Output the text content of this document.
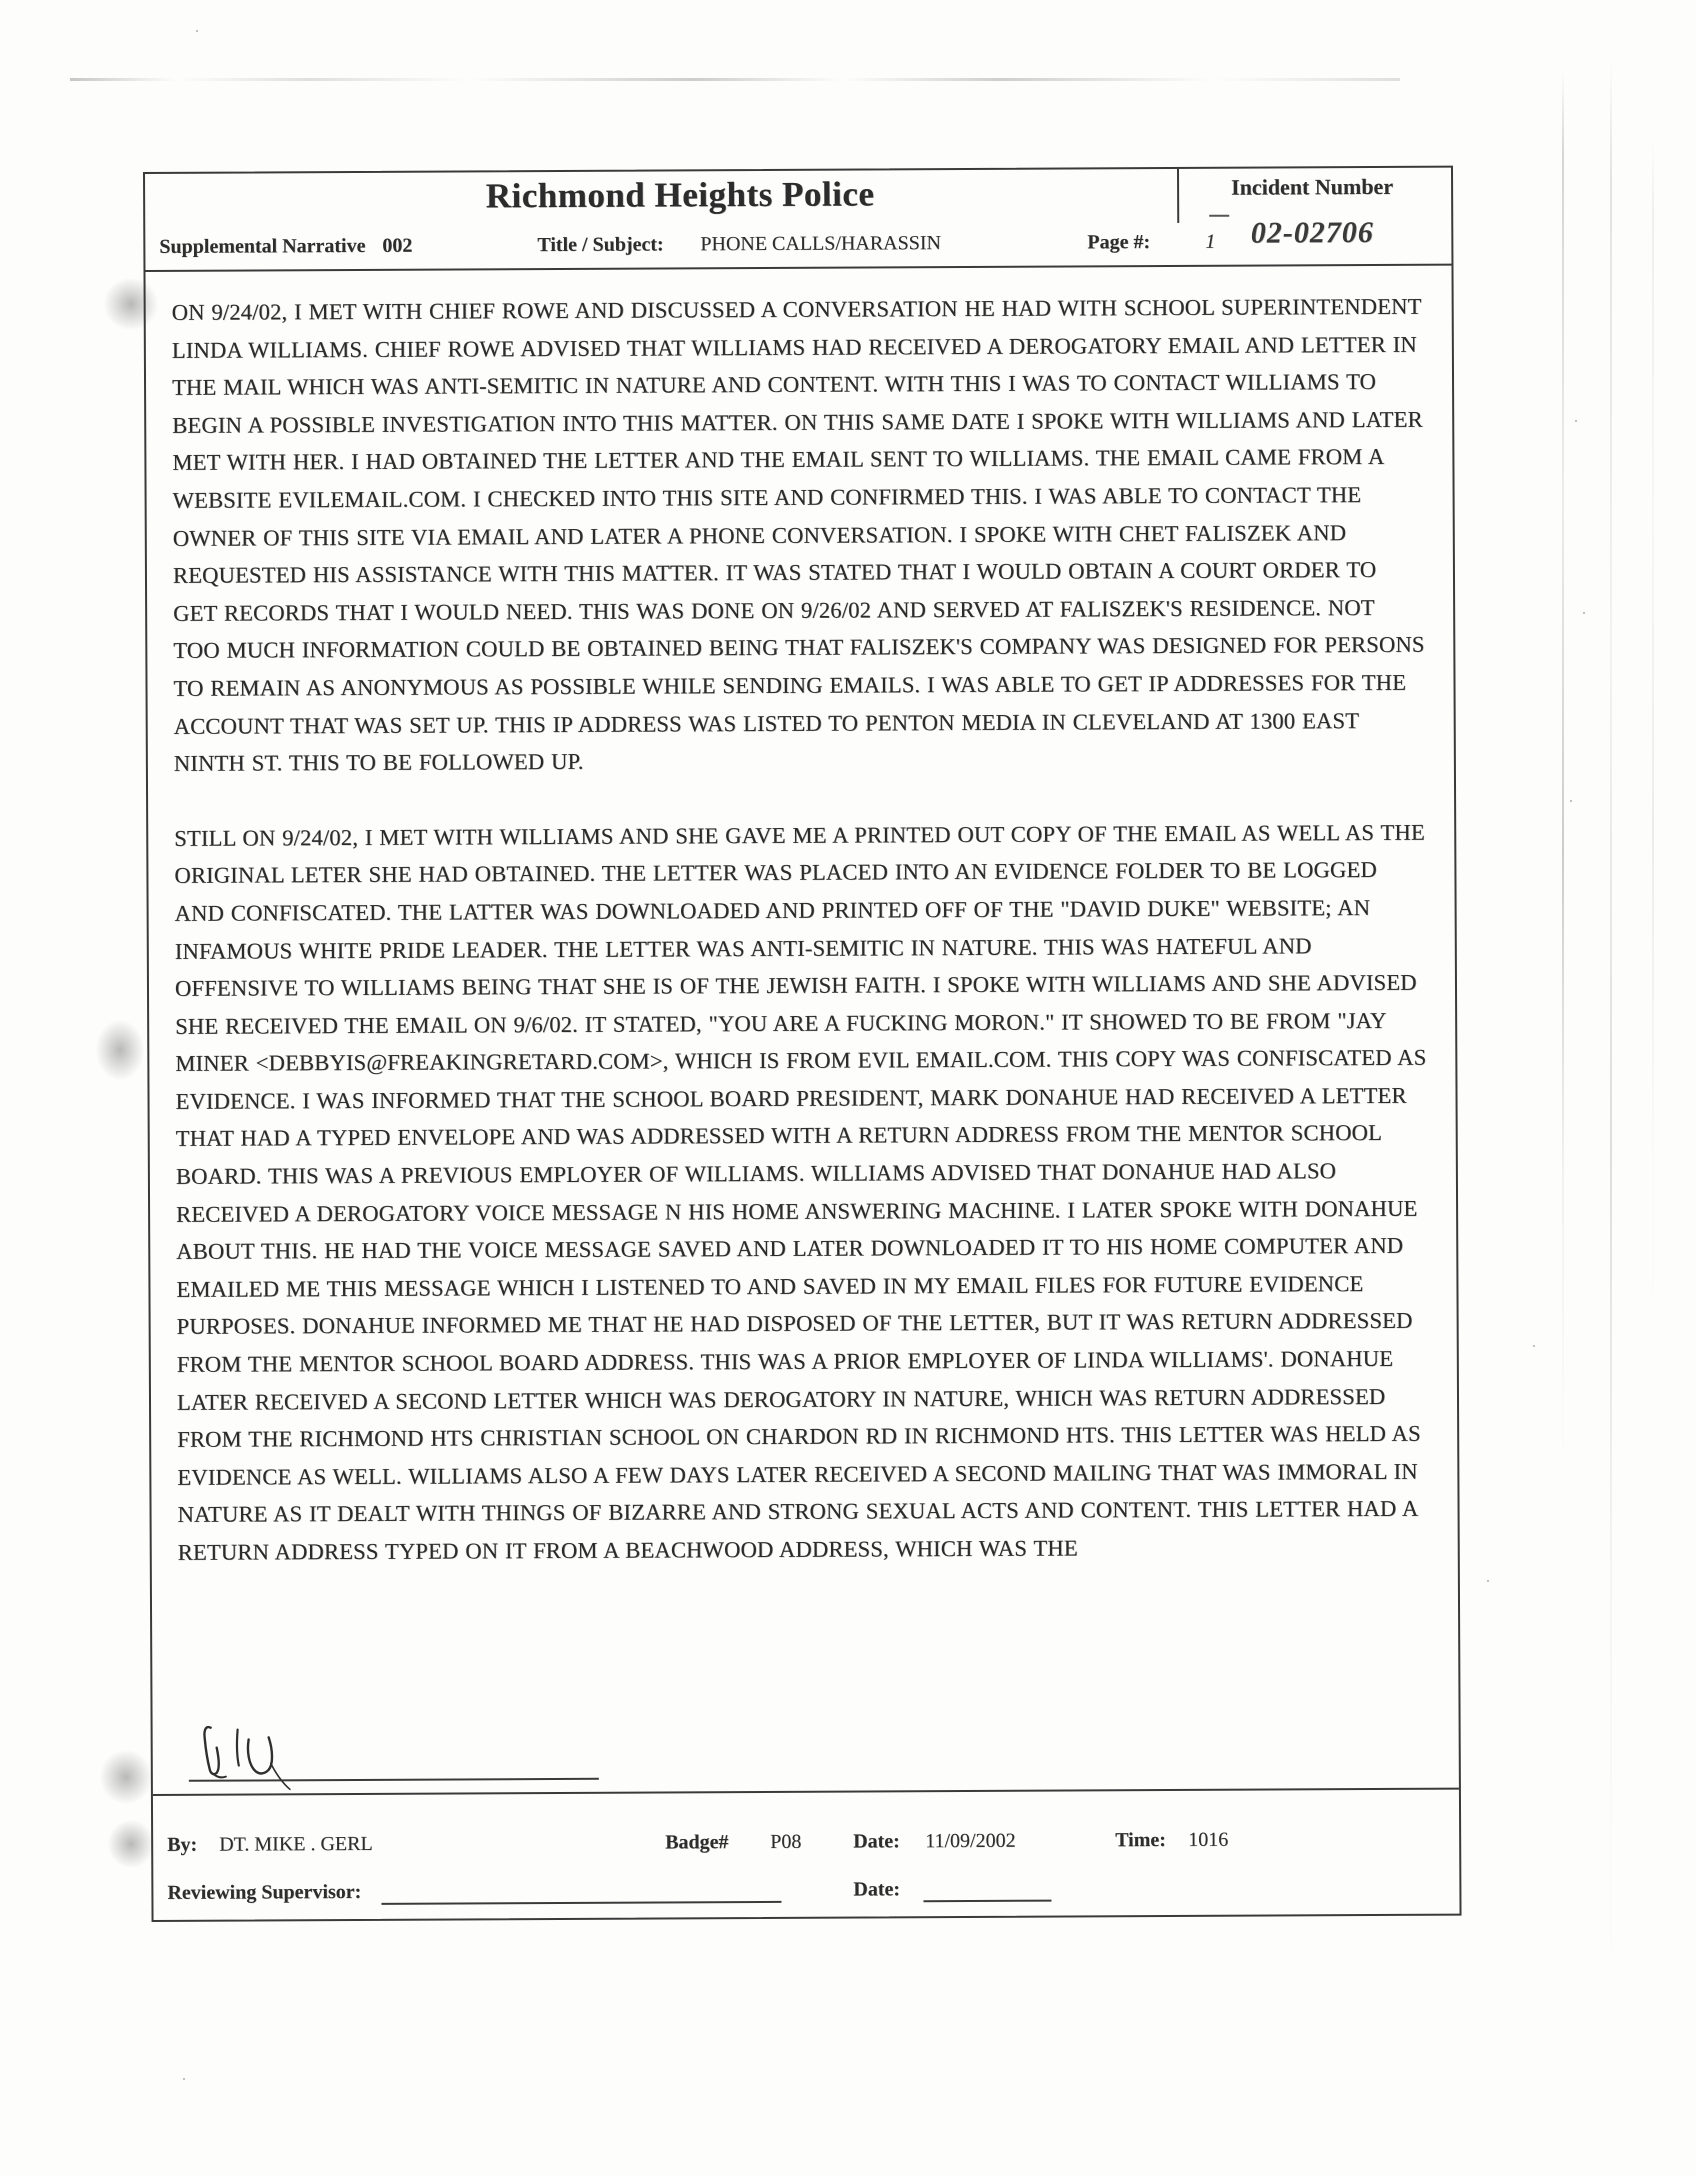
Richmond Heights Police	Incident Number
02-02706
Supplemental Narrative 002	Title / Subject: PHONE CALLS/HARASSIN	Page #:	1

ON 9/24/02, I MET WITH CHIEF ROWE AND DISCUSSED A CONVERSATION HE HAD WITH SCHOOL SUPERINTENDENT LINDA WILLIAMS. CHIEF ROWE ADVISED THAT WILLIAMS HAD RECEIVED A DEROGATORY EMAIL AND LETTER IN THE MAIL WHICH WAS ANTI-SEMITIC IN NATURE AND CONTENT. WITH THIS I WAS TO CONTACT WILLIAMS TO BEGIN A POSSIBLE INVESTIGATION INTO THIS MATTER. ON THIS SAME DATE I SPOKE WITH WILLIAMS AND LATER MET WITH HER. I HAD OBTAINED THE LETTER AND THE EMAIL SENT TO WILLIAMS. THE EMAIL CAME FROM A WEBSITE EVILEMAIL.COM. I CHECKED INTO THIS SITE AND CONFIRMED THIS. I WAS ABLE TO CONTACT THE OWNER OF THIS SITE VIA EMAIL AND LATER A PHONE CONVERSATION. I SPOKE WITH CHET FALISZEK AND REQUESTED HIS ASSISTANCE WITH THIS MATTER. IT WAS STATED THAT I WOULD OBTAIN A COURT ORDER TO GET RECORDS THAT I WOULD NEED. THIS WAS DONE ON 9/26/02 AND SERVED AT FALISZEK'S RESIDENCE. NOT TOO MUCH INFORMATION COULD BE OBTAINED BEING THAT FALISZEK'S COMPANY WAS DESIGNED FOR PERSONS TO REMAIN AS ANONYMOUS AS POSSIBLE WHILE SENDING EMAILS. I WAS ABLE TO GET IP ADDRESSES FOR THE ACCOUNT THAT WAS SET UP. THIS IP ADDRESS WAS LISTED TO PENTON MEDIA IN CLEVELAND AT 1300 EAST NINTH ST. THIS TO BE FOLLOWED UP.

STILL ON 9/24/02, I MET WITH WILLIAMS AND SHE GAVE ME A PRINTED OUT COPY OF THE EMAIL AS WELL AS THE ORIGINAL LETER SHE HAD OBTAINED. THE LETTER WAS PLACED INTO AN EVIDENCE FOLDER TO BE LOGGED AND CONFISCATED. THE LATTER WAS DOWNLOADED AND PRINTED OFF OF THE "DAVID DUKE" WEBSITE; AN INFAMOUS WHITE PRIDE LEADER. THE LETTER WAS ANTI-SEMITIC IN NATURE. THIS WAS HATEFUL AND OFFENSIVE TO WILLIAMS BEING THAT SHE IS OF THE JEWISH FAITH. I SPOKE WITH WILLIAMS AND SHE ADVISED SHE RECEIVED THE EMAIL ON 9/6/02. IT STATED, "YOU ARE A FUCKING MORON." IT SHOWED TO BE FROM "JAY MINER <DEBBYIS@FREAKINGRETARD.COM>, WHICH IS FROM EVIL EMAIL.COM. THIS COPY WAS CONFISCATED AS EVIDENCE. I WAS INFORMED THAT THE SCHOOL BOARD PRESIDENT, MARK DONAHUE HAD RECEIVED A LETTER THAT HAD A TYPED ENVELOPE AND WAS ADDRESSED WITH A RETURN ADDRESS FROM THE MENTOR SCHOOL BOARD. THIS WAS A PREVIOUS EMPLOYER OF WILLIAMS. WILLIAMS ADVISED THAT DONAHUE HAD ALSO RECEIVED A DEROGATORY VOICE MESSAGE N HIS HOME ANSWERING MACHINE. I LATER SPOKE WITH DONAHUE ABOUT THIS. HE HAD THE VOICE MESSAGE SAVED AND LATER DOWNLOADED IT TO HIS HOME COMPUTER AND EMAILED ME THIS MESSAGE WHICH I LISTENED TO AND SAVED IN MY EMAIL FILES FOR FUTURE EVIDENCE PURPOSES. DONAHUE INFORMED ME THAT HE HAD DISPOSED OF THE LETTER, BUT IT WAS RETURN ADDRESSED FROM THE MENTOR SCHOOL BOARD ADDRESS. THIS WAS A PRIOR EMPLOYER OF LINDA WILLIAMS'. DONAHUE LATER RECEIVED A SECOND LETTER WHICH WAS DEROGATORY IN NATURE, WHICH WAS RETURN ADDRESSED FROM THE RICHMOND HTS CHRISTIAN SCHOOL ON CHARDON RD IN RICHMOND HTS. THIS LETTER WAS HELD AS EVIDENCE AS WELL. WILLIAMS ALSO A FEW DAYS LATER RECEIVED A SECOND MAILING THAT WAS IMMORAL IN NATURE AS IT DEALT WITH THINGS OF BIZARRE AND STRONG SEXUAL ACTS AND CONTENT. THIS LETTER HAD A RETURN ADDRESS TYPED ON IT FROM A BEACHWOOD ADDRESS, WHICH WAS THE

By: DT. MIKE . GERL	Badge# P08	Date: 11/09/2002	Time: 1016
Reviewing Supervisor:	Date:
